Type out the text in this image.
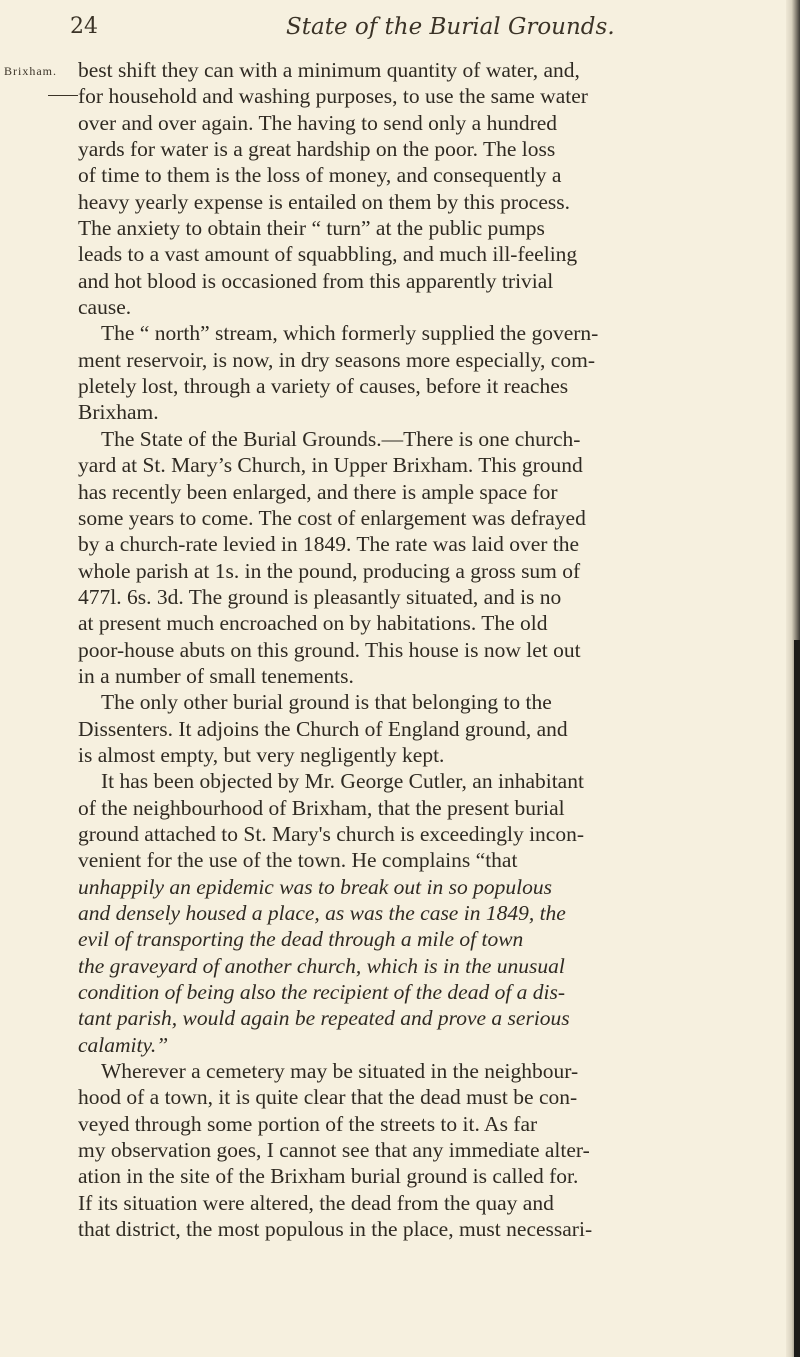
24	State of the Burial Grounds.
Brixham. best shift they can with a minimum quantity of water, and,
for household and washing purposes, to use the same water
over and over again. The having to send only a hundred
yards for water is a great hardship on the poor. The loss
of time to them is the loss of money, and consequently a
heavy yearly expense is entailed on them by this process.
The anxiety to obtain their “ turn” at the public pumps
leads to a vast amount of squabbling, and much ill-feeling
and hot blood is occasioned from this apparently trivial
cause.
The “ north” stream, which formerly supplied the govern-
ment reservoir, is now, in dry seasons more especially, com-
pletely lost, through a variety of causes, before it reaches
Brixham.
The State of the Burial Grounds.—There is one church-
yard at St. Mary’s Church, in Upper Brixham. This ground
has recently been enlarged, and there is ample space for
some years to come. The cost of enlargement was defrayed
by a church-rate levied in 1849. The rate was laid over the
whole parish at 1s. in the pound, producing a gross sum of
477l. 6s. 3d. The ground is pleasantly situated, and is no
at present much encroached on by habitations. The old
poor-house abuts on this ground. This house is now let out
in a number of small tenements.
The only other burial ground is that belonging to the
Dissenters. It adjoins the Church of England ground, and
is almost empty, but very negligently kept.
It has been objected by Mr. George Cutler, an inhabitant
of the neighbourhood of Brixham, that the present burial
ground attached to St. Mary's church is exceedingly incon-
venient for the use of the town. He complains “that
unhappily an epidemic was to break out in so populous
and densely housed a place, as was the case in 1849, the
evil of transporting the dead through a mile of town
the graveyard of another church, which is in the unusual
condition of being also the recipient of the dead of a dis-
tant parish, would again be repeated and prove a serious
calamity.”
Wherever a cemetery may be situated in the neighbour-
hood of a town, it is quite clear that the dead must be con-
veyed through some portion of the streets to it. As far
my observation goes, I cannot see that any immediate alter-
ation in the site of the Brixham burial ground is called for.
If its situation were altered, the dead from the quay and
that district, the most populous in the place, must necessari-
